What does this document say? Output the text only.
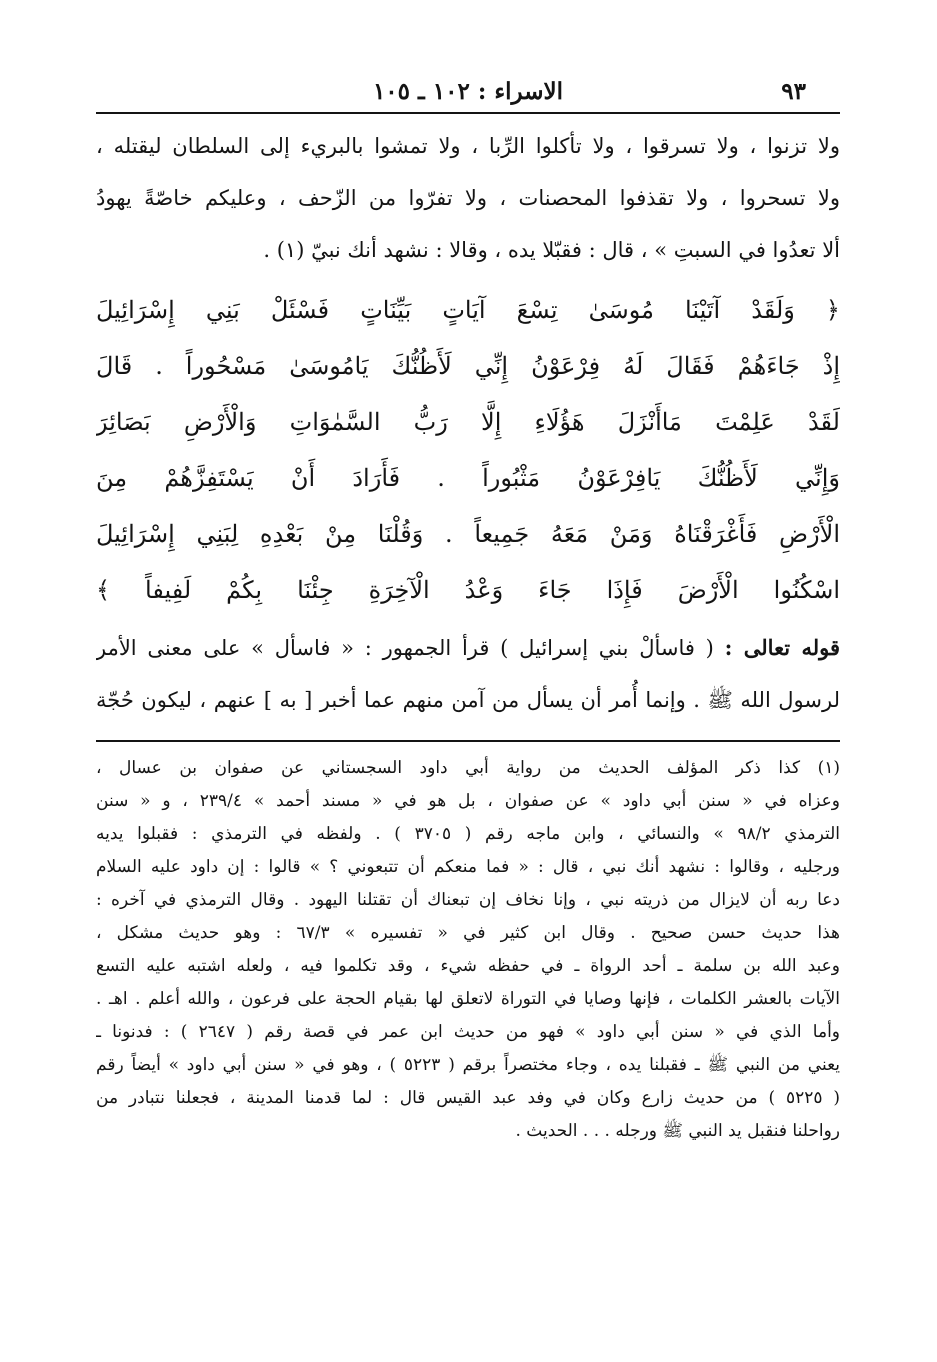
٩٣
الاسراء : ١٠٢ ـ ١٠٥
ولا تزنوا ، ولا تسرقوا ، ولا تأكلوا الرِّبا ، ولا تمشوا بالبريء إلى السلطان ليقتله ،
ولا تسحروا ، ولا تقذفوا المحصنات ، ولا تفرّوا من الزّحف ، وعليكم خاصّةً يهودُ
ألا تعدُوا في السبتِ » ، قال : فقبّلا يده ، وقالا : نشهد أنك نبيّ (١) .
﴿ وَلَقَدْ آتَيْنَا مُوسَىٰ تِسْعَ آيَاتٍ بَيِّنَاتٍ فَسْئَلْ بَنِي إِسْرَائِيلَ
إِذْ جَاءَهُمْ فَقَالَ لَهُ فِرْعَوْنُ إِنِّي لَأَظُنُّكَ يَامُوسَىٰ مَسْحُوراً . قَالَ
لَقَدْ عَلِمْتَ مَاأَنْزَلَ هَؤُلَاءِ إِلَّا رَبُّ السَّمٰوَاتِ وَالْأَرْضِ بَصَائِرَ
وَإِنِّي لَأَظُنُّكَ يَافِرْعَوْنُ مَثْبُوراً . فَأَرَادَ أَنْ يَسْتَفِزَّهُمْ مِنَ
الْأَرْضِ فَأَغْرَقْنَاهُ وَمَنْ مَعَهُ جَمِيعاً . وَقُلْنَا مِنْ بَعْدِهِ لِبَنِي إِسْرَائِيلَ
اسْكُنُوا الْأَرْضَ فَإِذَا جَاءَ وَعْدُ الْآخِرَةِ جِئْنَا بِكُمْ لَفِيفاً ﴾
قوله تعالى : ( فاسألْ بني إسرائيل ) قرأ الجمهور : « فاسأل » على معنى الأمر
لرسول الله ﷺ . وإنما أُمر أن يسأل من آمن منهم عما أخبر [ به ] عنهم ، ليكون حُجّة
(١) كذا ذكر المؤلف الحديث من رواية أبي داود السجستاني عن صفوان بن عسال ،
وعزاه في « سنن أبي داود » عن صفوان ، بل هو في « مسند أحمد » ٢٣٩/٤ ، و « سنن
الترمذي ٩٨/٢ » والنسائي ، وابن ماجه رقم ( ٣٧٠٥ ) . ولفظه في الترمذي : فقبلوا يديه
ورجليه ، وقالوا : نشهد أنك نبي ، قال : « فما منعكم أن تتبعوني ؟ » قالوا : إن داود عليه السلام
دعا ربه أن لايزال من ذريته نبي ، وإنا نخاف إن تبعناك أن تقتلنا اليهود . وقال الترمذي في آخره :
هذا حديث حسن صحيح . وقال ابن كثير في « تفسيره » ٦٧/٣ : وهو حديث مشكل ،
وعبد الله بن سلمة ـ أحد الرواة ـ في حفظه شيء ، وقد تكلموا فيه ، ولعله اشتبه عليه التسع
الآيات بالعشر الكلمات ، فإنها وصايا في التوراة لاتعلق لها بقيام الحجة على فرعون ، والله أعلم . اهـ .
وأما الذي في « سنن أبي داود » فهو من حديث ابن عمر في قصة رقم ( ٢٦٤٧ ) : فدنونا ـ
يعني من النبي ﷺ ـ فقبلنا يده ، وجاء مختصراً برقم ( ٥٢٢٣ ) ، وهو في « سنن أبي داود » أيضاً رقم
( ٥٢٢٥ ) من حديث زارع وكان في وفد عبد القيس قال : لما قدمنا المدينة ، فجعلنا نتبادر من
رواحلنا فنقبل يد النبي ﷺ ورجله . . . الحديث .
